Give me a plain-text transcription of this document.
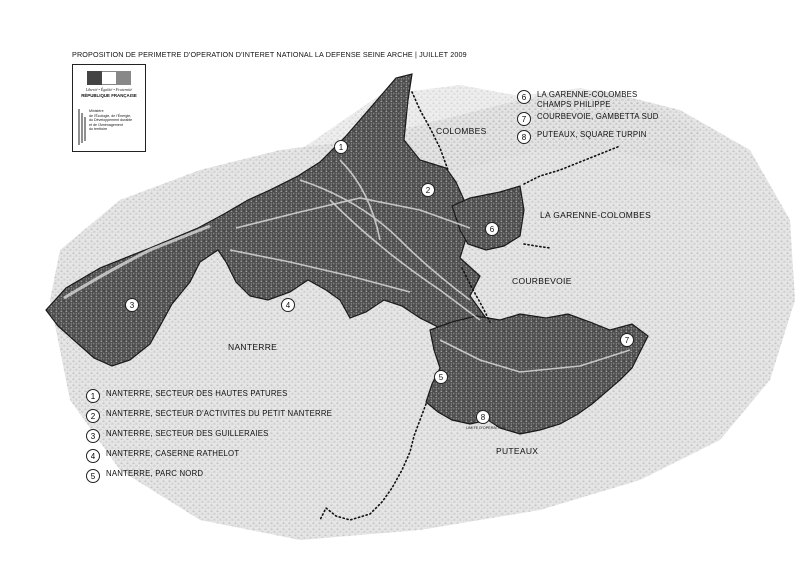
PROPOSITION DE PERIMETRE D'OPERATION D'INTERET NATIONAL LA DEFENSE SEINE ARCHE | JUILLET 2009
Liberté • Égalité • Fraternité
RÉPUBLIQUE FRANÇAISE
Ministère
de l'Écologie, de l'Énergie,
du Développement durable
et de l'Aménagement
du territoire	COLOMBES
LA GARENNE-COLOMBES
COURBEVOIE
NANTERRE
PUTEAUX
1
2
3	4
5
6
7
8
LIMITE D'OPÉRATION
1	NANTERRE, SECTEUR DES HAUTES PATURES
2	NANTERRE, SECTEUR D'ACTIVITES DU PETIT NANTERRE
3	NANTERRE, SECTEUR DES GUILLERAIES
4	NANTERRE, CASERNE RATHELOT
5	NANTERRE, PARC NORD
6	LA GARENNE-COLOMBES
CHAMPS PHILIPPE
7	COURBEVOIE, GAMBETTA SUD
8	PUTEAUX, SQUARE TURPIN
